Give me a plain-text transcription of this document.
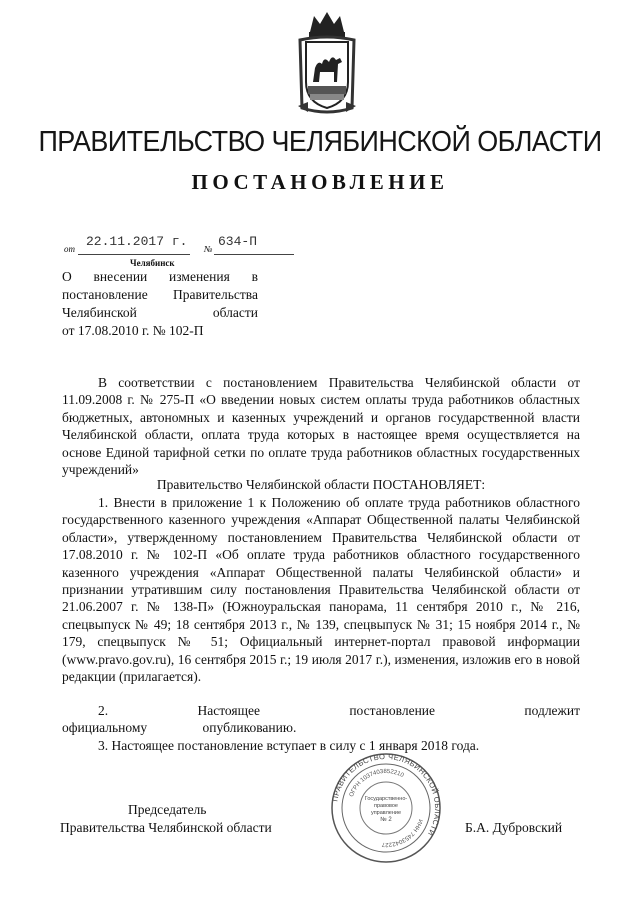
ПРАВИТЕЛЬСТВО ЧЕЛЯБИНСКОЙ ОБЛАСТИ
ПОСТАНОВЛЕНИЕ
от 22.11.2017 г. № 634-П
Челябинск
О внесении изменения в
постановление Правительства
Челябинской области
от 17.08.2010 г. № 102-П

В соответствии с постановлением Правительства Челябинской области от 11.09.2008 г. № 275-П «О введении новых систем оплаты труда работников областных бюджетных, автономных и казенных учреждений и органов государственной власти Челябинской области, оплата труда которых в настоящее время осуществляется на основе Единой тарифной сетки по оплате труда работников областных государственных учреждений»

Правительство Челябинской области ПОСТАНОВЛЯЕТ:

1. Внести в приложение 1 к Положению об оплате труда работников областного государственного казенного учреждения «Аппарат Общественной палаты Челябинской области», утвержденному постановлением Правительства Челябинской области от 17.08.2010 г. № 102-П «Об оплате труда работников областного государственного казенного учреждения «Аппарат Общественной палаты Челябинской области» и признании утратившим силу постановления Правительства Челябинской области от 21.06.2007 г. № 138-П» (Южноуральская панорама, 11 сентября 2010 г., № 216, спецвыпуск № 49; 18 сентября 2013 г., № 139, спецвыпуск № 31; 15 ноября 2014 г., № 179, спецвыпуск № 51; Официальный интернет-портал правовой информации (www.pravo.gov.ru), 16 сентября 2015 г.; 19 июля 2017 г.), изменения, изложив его в новой редакции (прилагается).

2. Настоящее постановление подлежит официальному опубликованию.

3. Настоящее постановление вступает в силу с 1 января 2018 года.

ПРАВИТЕЛЬСТВО ЧЕЛЯБИНСКОЙ ОБЛАСТИ
ОГРН 1037403852210
ИНН 7453042227
Государственно-
правовое
управление
№ 2
Председатель
Правительства Челябинской области	Б.А. Дубровский
